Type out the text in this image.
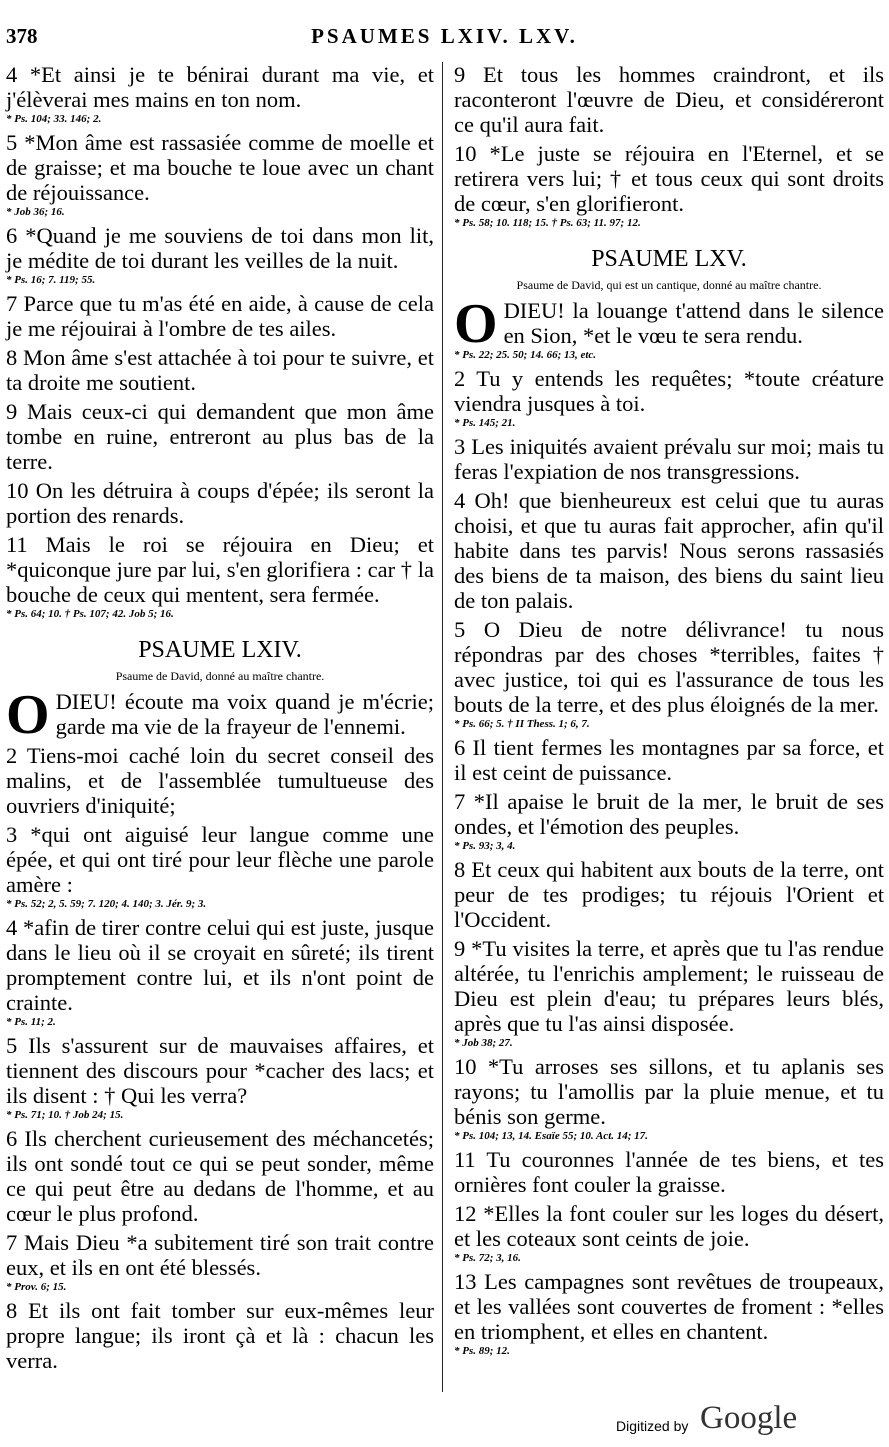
378	PSAUMES LXIV. LXV.

4 *Et ainsi je te bénirai durant ma vie, et j'élèverai mes mains en ton nom.

* Ps. 104; 33. 146; 2.

5 *Mon âme est rassasiée comme de moelle et de graisse; et ma bouche te loue avec un chant de réjouissance.

* Job 36; 16.

6 *Quand je me souviens de toi dans mon lit, je médite de toi durant les veilles de la nuit.

* Ps. 16; 7. 119; 55.

7 Parce que tu m'as été en aide, à cause de cela je me réjouirai à l'ombre de tes ailes.

8 Mon âme s'est attachée à toi pour te suivre, et ta droite me soutient.

9 Mais ceux-ci qui demandent que mon âme tombe en ruine, entreront au plus bas de la terre.

10 On les détruira à coups d'épée; ils seront la portion des renards.

11 Mais le roi se réjouira en Dieu; et *quiconque jure par lui, s'en glorifiera : car † la bouche de ceux qui mentent, sera fermée.

* Ps. 64; 10. † Ps. 107; 42. Job 5; 16.

PSAUME LXIV.
Psaume de David, donné au maître chantre.

ODIEU! écoute ma voix quand je m'écrie; garde ma vie de la frayeur de l'ennemi.

2 Tiens-moi caché loin du secret conseil des malins, et de l'assemblée tumultueuse des ouvriers d'iniquité;

3 *qui ont aiguisé leur langue comme une épée, et qui ont tiré pour leur flèche une parole amère :

* Ps. 52; 2, 5. 59; 7. 120; 4. 140; 3. Jér. 9; 3.

4 *afin de tirer contre celui qui est juste, jusque dans le lieu où il se croyait en sûreté; ils tirent promptement contre lui, et ils n'ont point de crainte.

* Ps. 11; 2.

5 Ils s'assurent sur de mauvaises affaires, et tiennent des discours pour *cacher des lacs; et ils disent : † Qui les verra?

* Ps. 71; 10. † Job 24; 15.

6 Ils cherchent curieusement des méchancetés; ils ont sondé tout ce qui se peut sonder, même ce qui peut être au dedans de l'homme, et au cœur le plus profond.

7 Mais Dieu *a subitement tiré son trait contre eux, et ils en ont été blessés.

* Prov. 6; 15.

8 Et ils ont fait tomber sur eux-mêmes leur propre langue; ils iront çà et là : chacun les verra.

9 Et tous les hommes craindront, et ils raconteront l'œuvre de Dieu, et considéreront ce qu'il aura fait.

10 *Le juste se réjouira en l'Eternel, et se retirera vers lui; † et tous ceux qui sont droits de cœur, s'en glorifieront.

* Ps. 58; 10. 118; 15. † Ps. 63; 11. 97; 12.

PSAUME LXV.
Psaume de David, qui est un cantique, donné au maître chantre.

ODIEU! la louange t'attend dans le silence en Sion, *et le vœu te sera rendu.

* Ps. 22; 25. 50; 14. 66; 13, etc.

2 Tu y entends les requêtes; *toute créature viendra jusques à toi.

* Ps. 145; 21.

3 Les iniquités avaient prévalu sur moi; mais tu feras l'expiation de nos transgressions.

4 Oh! que bienheureux est celui que tu auras choisi, et que tu auras fait approcher, afin qu'il habite dans tes parvis! Nous serons rassasiés des biens de ta maison, des biens du saint lieu de ton palais.

5 O Dieu de notre délivrance! tu nous répondras par des choses *terribles, faites † avec justice, toi qui es l'assurance de tous les bouts de la terre, et des plus éloignés de la mer.

* Ps. 66; 5. † II Thess. 1; 6, 7.

6 Il tient fermes les montagnes par sa force, et il est ceint de puissance.

7 *Il apaise le bruit de la mer, le bruit de ses ondes, et l'émotion des peuples.

* Ps. 93; 3, 4.

8 Et ceux qui habitent aux bouts de la terre, ont peur de tes prodiges; tu réjouis l'Orient et l'Occident.

9 *Tu visites la terre, et après que tu l'as rendue altérée, tu l'enrichis amplement; le ruisseau de Dieu est plein d'eau; tu prépares leurs blés, après que tu l'as ainsi disposée.

* Job 38; 27.

10 *Tu arroses ses sillons, et tu aplanis ses rayons; tu l'amollis par la pluie menue, et tu bénis son germe.

* Ps. 104; 13, 14. Esaïe 55; 10. Act. 14; 17.

11 Tu couronnes l'année de tes biens, et tes ornières font couler la graisse.

12 *Elles la font couler sur les loges du désert, et les coteaux sont ceints de joie.

* Ps. 72; 3, 16.

13 Les campagnes sont revêtues de troupeaux, et les vallées sont couvertes de froment : *elles en triomphent, et elles en chantent.

* Ps. 89; 12.

Digitized by Google
